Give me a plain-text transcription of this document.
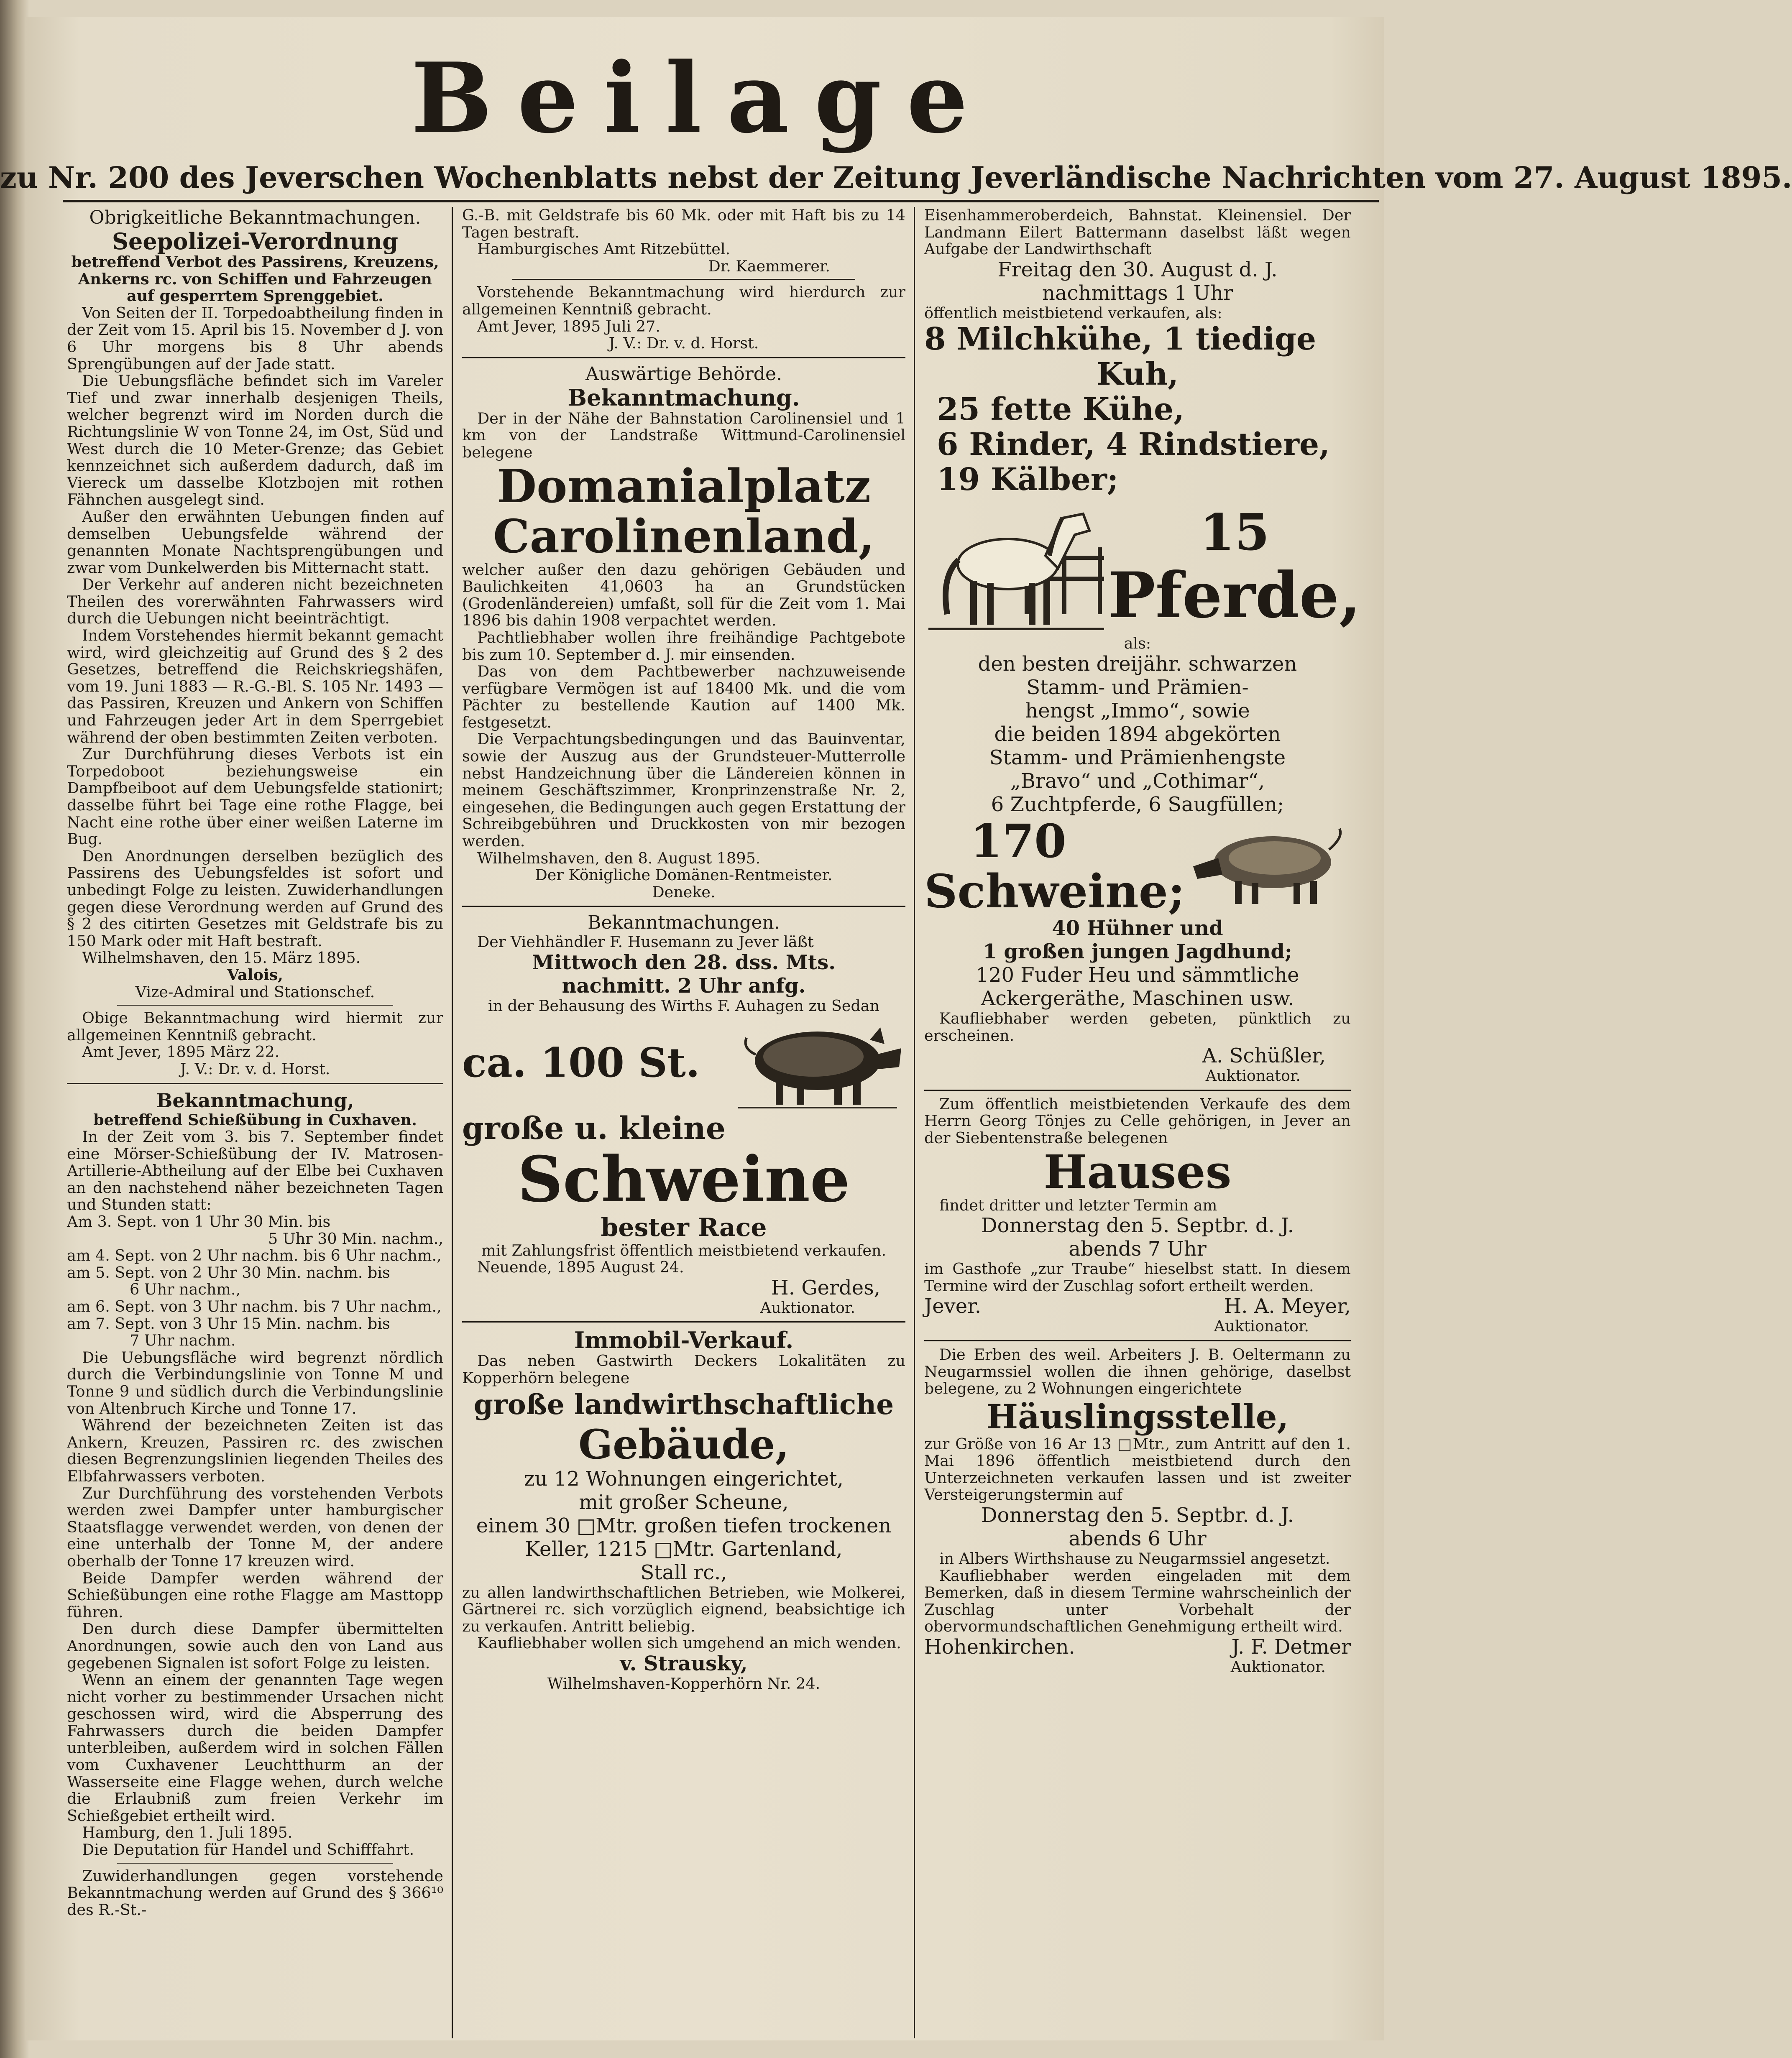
Beilage
zu Nr. 200 des Jeverschen Wochenblatts nebst der Zeitung Jeverländische Nachrichten vom 27. August 1895.

Obrigkeitliche Bekanntmachungen.

Seepolizei-Verordnung

betreffend Verbot des Passirens, Kreuzens, Ankerns rc. von Schiffen und Fahrzeugen auf gesperrtem Sprenggebiet.

Von Seiten der II. Torpedoabtheilung finden in der Zeit vom 15. April bis 15. November d J. von 6 Uhr morgens bis 8 Uhr abends Sprengübungen auf der Jade statt.

Die Uebungsfläche befindet sich im Vareler Tief und zwar innerhalb desjenigen Theils, welcher begrenzt wird im Norden durch die Richtungslinie W von Tonne 24, im Ost, Süd und West durch die 10 Meter-Grenze; das Gebiet kennzeichnet sich außerdem dadurch, daß im Viereck um dasselbe Klotzbojen mit rothen Fähnchen ausgelegt sind.

Außer den erwähnten Uebungen finden auf demselben Uebungsfelde während der genannten Monate Nachtsprengübungen und zwar vom Dunkelwerden bis Mitternacht statt.

Der Verkehr auf anderen nicht bezeichneten Theilen des vorerwähnten Fahrwassers wird durch die Uebungen nicht beeinträchtigt.

Indem Vorstehendes hiermit bekannt gemacht wird, wird gleichzeitig auf Grund des § 2 des Gesetzes, betreffend die Reichskriegshäfen, vom 19. Juni 1883 — R.-G.-Bl. S. 105 Nr. 1493 — das Passiren, Kreuzen und Ankern von Schiffen und Fahrzeugen jeder Art in dem Sperrgebiet während der oben bestimmten Zeiten verboten.

Zur Durchführung dieses Verbots ist ein Torpedoboot beziehungsweise ein Dampfbeiboot auf dem Uebungsfelde stationirt; dasselbe führt bei Tage eine rothe Flagge, bei Nacht eine rothe über einer weißen Laterne im Bug.

Den Anordnungen derselben bezüglich des Passirens des Uebungsfeldes ist sofort und unbedingt Folge zu leisten. Zuwiderhandlungen gegen diese Verordnung werden auf Grund des § 2 des citirten Gesetzes mit Geldstrafe bis zu 150 Mark oder mit Haft bestraft.

Wilhelmshaven, den 15. März 1895.

Valois,

Vize-Admiral und Stationschef.

Obige Bekanntmachung wird hiermit zur allgemeinen Kenntniß gebracht.

Amt Jever, 1895 März 22.

J. V.: Dr. v. d. Horst.

Bekanntmachung,

betreffend Schießübung in Cuxhaven.

In der Zeit vom 3. bis 7. September findet eine Mörser-Schießübung der IV. Matrosen-Artillerie-Abtheilung auf der Elbe bei Cuxhaven an den nachstehend näher bezeichneten Tagen und Stunden statt:

Am 3. Sept. von 1 Uhr 30 Min. bis

5 Uhr 30 Min. nachm.,

am 4. Sept. von 2 Uhr nachm. bis 6 Uhr nachm.,

am 5. Sept. von 2 Uhr 30 Min. nachm. bis

6 Uhr nachm.,

am 6. Sept. von 3 Uhr nachm. bis 7 Uhr nachm.,

am 7. Sept. von 3 Uhr 15 Min. nachm. bis

7 Uhr nachm.

Die Uebungsfläche wird begrenzt nördlich durch die Verbindungslinie von Tonne M und Tonne 9 und südlich durch die Verbindungslinie von Altenbruch Kirche und Tonne 17.

Während der bezeichneten Zeiten ist das Ankern, Kreuzen, Passiren rc. des zwischen diesen Begrenzungslinien liegenden Theiles des Elbfahrwassers verboten.

Zur Durchführung des vorstehenden Verbots werden zwei Dampfer unter hamburgischer Staatsflagge verwendet werden, von denen der eine unterhalb der Tonne M, der andere oberhalb der Tonne 17 kreuzen wird.

Beide Dampfer werden während der Schießübungen eine rothe Flagge am Masttopp führen.

Den durch diese Dampfer übermittelten Anordnungen, sowie auch den von Land aus gegebenen Signalen ist sofort Folge zu leisten.

Wenn an einem der genannten Tage wegen nicht vorher zu bestimmender Ursachen nicht geschossen wird, wird die Absperrung des Fahrwassers durch die beiden Dampfer unterbleiben, außerdem wird in solchen Fällen vom Cuxhavener Leuchtthurm an der Wasserseite eine Flagge wehen, durch welche die Erlaubniß zum freien Verkehr im Schießgebiet ertheilt wird.

Hamburg, den 1. Juli 1895.

Die Deputation für Handel und Schifffahrt.

Zuwiderhandlungen gegen vorstehende Bekanntmachung werden auf Grund des § 366¹⁰ des R.-St.-

G.-B. mit Geldstrafe bis 60 Mk. oder mit Haft bis zu 14 Tagen bestraft.

Hamburgisches Amt Ritzebüttel.

Dr. Kaemmerer.

Vorstehende Bekanntmachung wird hierdurch zur allgemeinen Kenntniß gebracht.

Amt Jever, 1895 Juli 27.

J. V.: Dr. v. d. Horst.

Auswärtige Behörde.

Bekanntmachung.

Der in der Nähe der Bahnstation Carolinensiel und 1 km von der Landstraße Wittmund-Carolinensiel belegene

Domanialplatz

Carolinenland,

welcher außer den dazu gehörigen Gebäuden und Baulichkeiten 41,0603 ha an Grundstücken (Grodenländereien) umfaßt, soll für die Zeit vom 1. Mai 1896 bis dahin 1908 verpachtet werden.

Pachtliebhaber wollen ihre freihändige Pachtgebote bis zum 10. September d. J. mir einsenden.

Das von dem Pachtbewerber nachzuweisende verfügbare Vermögen ist auf 18400 Mk. und die vom Pächter zu bestellende Kaution auf 1400 Mk. festgesetzt.

Die Verpachtungsbedingungen und das Bauinventar, sowie der Auszug aus der Grundsteuer-Mutterrolle nebst Handzeichnung über die Ländereien können in meinem Geschäftszimmer, Kronprinzenstraße Nr. 2, eingesehen, die Bedingungen auch gegen Erstattung der Schreibgebühren und Druckkosten von mir bezogen werden.

Wilhelmshaven, den 8. August 1895.

Der Königliche Domänen-Rentmeister.

Deneke.

Bekanntmachungen.

Der Viehhändler F. Husemann zu Jever läßt

Mittwoch den 28. dss. Mts.

nachmitt. 2 Uhr anfg.

in der Behausung des Wirths F. Auhagen zu Sedan

ca. 100 St.

große u. kleine

Schweine

bester Race

mit Zahlungsfrist öffentlich meistbietend verkaufen.

Neuende, 1895 August 24.

H. Gerdes,

Auktionator.

Immobil-Verkauf.

Das neben Gastwirth Deckers Lokalitäten zu Kopperhörn belegene

große landwirthschaftliche

Gebäude,

zu 12 Wohnungen eingerichtet,

mit großer Scheune,

einem 30 □Mtr. großen tiefen trockenen

Keller, 1215 □Mtr. Gartenland,

Stall rc.,

zu allen landwirthschaftlichen Betrieben, wie Molkerei, Gärtnerei rc. sich vorzüglich eignend, beabsichtige ich zu verkaufen. Antritt beliebig.

Kaufliebhaber wollen sich umgehend an mich wenden.

v. Strausky,

Wilhelmshaven-Kopperhörn Nr. 24.

Eisenhammeroberdeich, Bahnstat. Kleinensiel. Der Landmann Eilert Battermann daselbst läßt wegen Aufgabe der Landwirthschaft

Freitag den 30. August d. J.

nachmittags 1 Uhr

öffentlich meistbietend verkaufen, als:

8 Milchkühe, 1 tiedige

Kuh,

25 fette Kühe,

6 Rinder, 4 Rindstiere,

19 Kälber;

15
Pferde,

als:

den besten dreijähr. schwarzen

Stamm- und Prämien-

hengst „Immo“, sowie

die beiden 1894 abgekörten

Stamm- und Prämienhengste

„Bravo“ und „Cothimar“,

6 Zuchtpferde, 6 Saugfüllen;

170
Schweine;

40 Hühner und

1 großen jungen Jagdhund;

120 Fuder Heu und sämmtliche

Ackergeräthe, Maschinen usw.

Kaufliebhaber werden gebeten, pünktlich zu erscheinen.

A. Schüßler,

Auktionator.

Zum öffentlich meistbietenden Verkaufe des dem Herrn Georg Tönjes zu Celle gehörigen, in Jever an der Siebentenstraße belegenen

Hauses

findet dritter und letzter Termin am

Donnerstag den 5. Septbr. d. J.

abends 7 Uhr

im Gasthofe „zur Traube“ hieselbst statt. In diesem Termine wird der Zuschlag sofort ertheilt werden.

Jever.	H. A. Meyer,

Auktionator.

Die Erben des weil. Arbeiters J. B. Oeltermann zu Neugarmssiel wollen die ihnen gehörige, daselbst belegene, zu 2 Wohnungen eingerichtete

Häuslingsstelle,

zur Größe von 16 Ar 13 □Mtr., zum Antritt auf den 1. Mai 1896 öffentlich meistbietend durch den Unterzeichneten verkaufen lassen und ist zweiter Versteigerungstermin auf

Donnerstag den 5. Septbr. d. J.

abends 6 Uhr

in Albers Wirthshause zu Neugarmssiel angesetzt.

Kaufliebhaber werden eingeladen mit dem Bemerken, daß in diesem Termine wahrscheinlich der Zuschlag unter Vorbehalt der obervormundschaftlichen Genehmigung ertheilt wird.

Hohenkirchen.	J. F. Detmer

Auktionator.
